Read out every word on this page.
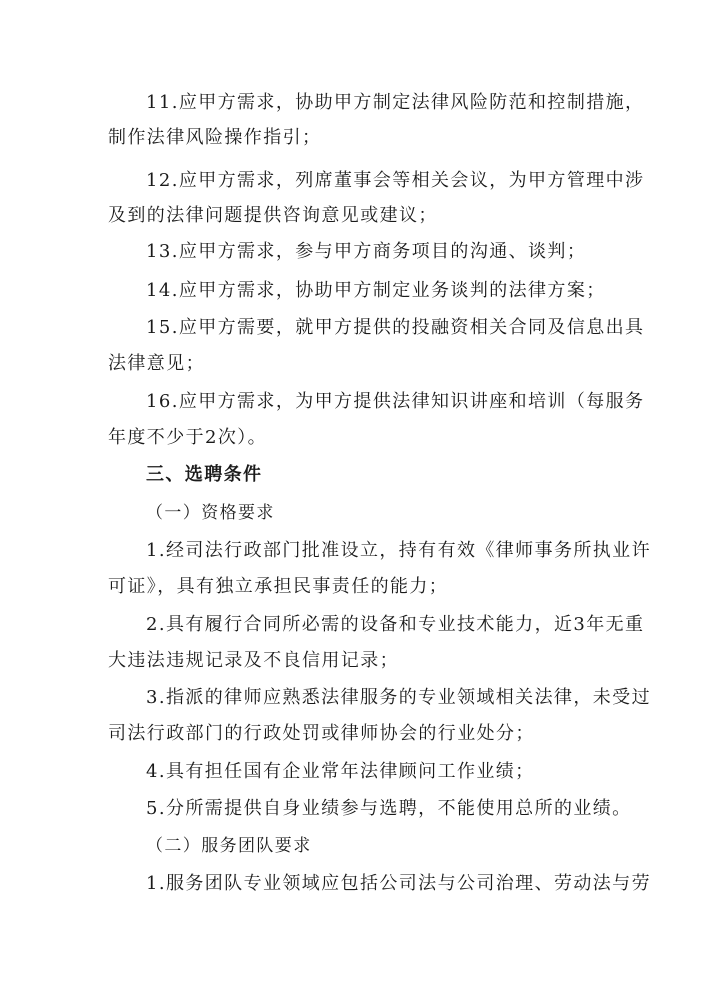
11.应甲方需求，协助甲方制定法律风险防范和控制措施，
制作法律风险操作指引；
12.应甲方需求，列席董事会等相关会议，为甲方管理中涉
及到的法律问题提供咨询意见或建议；
13.应甲方需求，参与甲方商务项目的沟通、谈判；
14.应甲方需求，协助甲方制定业务谈判的法律方案；
15.应甲方需要，就甲方提供的投融资相关合同及信息出具
法律意见；
16.应甲方需求，为甲方提供法律知识讲座和培训（每服务
年度不少于2次）。
三、选聘条件
（一）资格要求
1.经司法行政部门批准设立，持有有效《律师事务所执业许
可证》，具有独立承担民事责任的能力；
2.具有履行合同所必需的设备和专业技术能力，近3年无重
大违法违规记录及不良信用记录；
3.指派的律师应熟悉法律服务的专业领域相关法律，未受过
司法行政部门的行政处罚或律师协会的行业处分；
4.具有担任国有企业常年法律顾问工作业绩；
5.分所需提供自身业绩参与选聘，不能使用总所的业绩。
（二）服务团队要求
1.服务团队专业领域应包括公司法与公司治理、劳动法与劳
